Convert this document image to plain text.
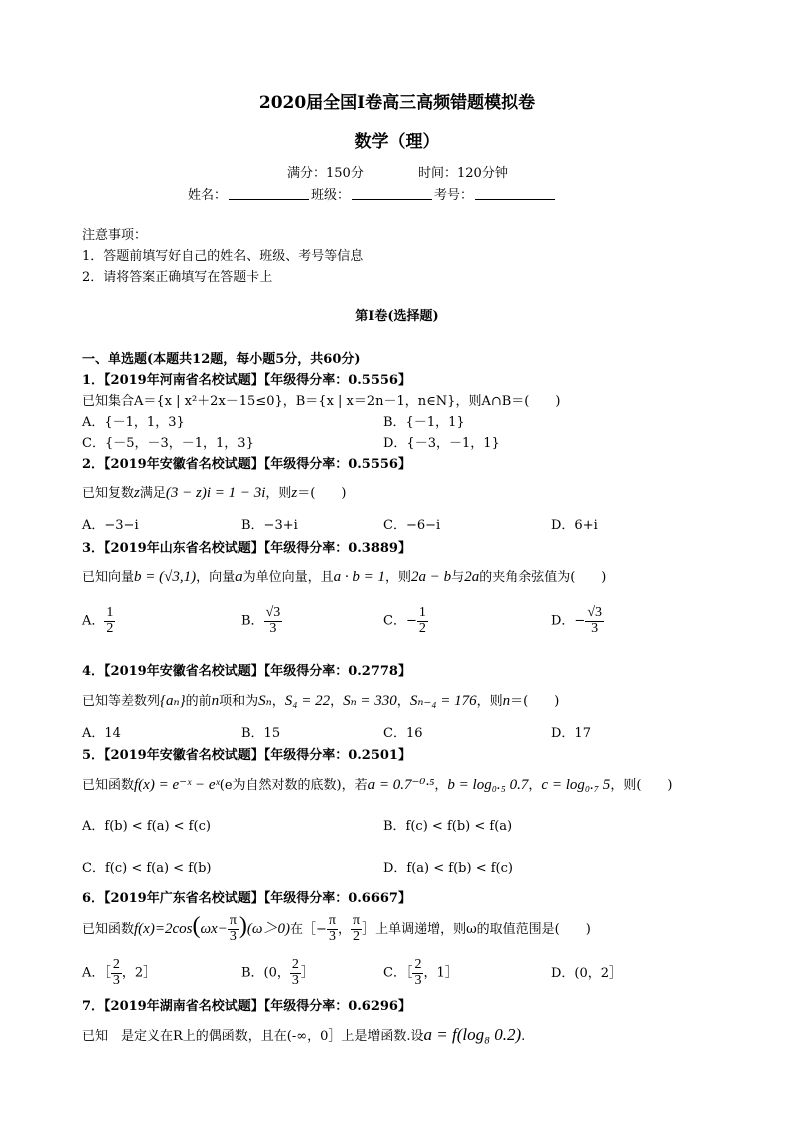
2020届全国Ⅰ卷高三高频错题模拟卷
数学（理）
满分：150分	时间：120分钟
姓名：	班级：	考号：
注意事项：
1．答题前填写好自己的姓名、班级、考号等信息
2．请将答案正确填写在答题卡上
第I卷(选择题)
一、单选题(本题共12题，每小题5分，共60分)
1．【2019年河南省名校试题】【年级得分率：0.5556】
已知集合A＝{x | x²＋2x－15≤0}，B＝{x | x＝2n－1，n∈N}，则A∩B＝(　　)
A．{－1，1，3}	B．{－1，1}
C．{－5，－3，－1，1，3}	D．{－3，－1，1}
2．【2019年安徽省名校试题】【年级得分率：0.5556】
已知复数z满足(3 − z)i = 1 − 3i，则z＝(　　)
A．−3−i	B．−3+i	C．−6−i	D．6+i
3．【2019年山东省名校试题】【年级得分率：0.3889】
已知向量b = (√3,1)，向量a为单位向量，且a · b = 1，则2a − b与2a的夹角余弦值为(　　)
A． $\frac{1}{2}$	B． $\frac{√3}{3}$	C．− $\frac{1}{2}$	D．− $\frac{√3}{3}$
4．【2019年安徽省名校试题】【年级得分率：0.2778】
已知等差数列{aₙ}的前n项和为Sₙ，S₄ = 22，Sₙ = 330，Sₙ₋₄ = 176，则n＝(　　)
A．14	B．15	C．16	D．17
5．【2019年安徽省名校试题】【年级得分率：0.2501】
已知函数f(x) = e⁻ˣ − eˣ(e为自然对数的底数)，若a = 0.7⁻⁰·⁵，b = log₀.₅ 0.7，c = log₀.₇ 5，则(　　)
A．f(b) < f(a) < f(c)	B．f(c) < f(b) < f(a)
C．f(c) < f(a) < f(b)	D．f(a) < f(b) < f(c)
6．【2019年广东省名校试题】【年级得分率：0.6667】
已知函数$f(x)=2\cos(\omega x- \frac{\pi}{3} )(\omega>0)$在［− $\frac{\pi}{3}$ ， $\frac{\pi}{2}$ ］上单调递增，则ω的取值范围是(　　)
A．［ $\frac{2}{3}$ ，2］	B．(0， $\frac{2}{3}$ ］	C．［ $\frac{2}{3}$ ，1］	D．(0，2］
7．【2019年湖南省名校试题】【年级得分率：0.6296】
已知　是定义在R上的偶函数，且在(-∞，0］上是增函数.设a = f(log₈ 0.2).
